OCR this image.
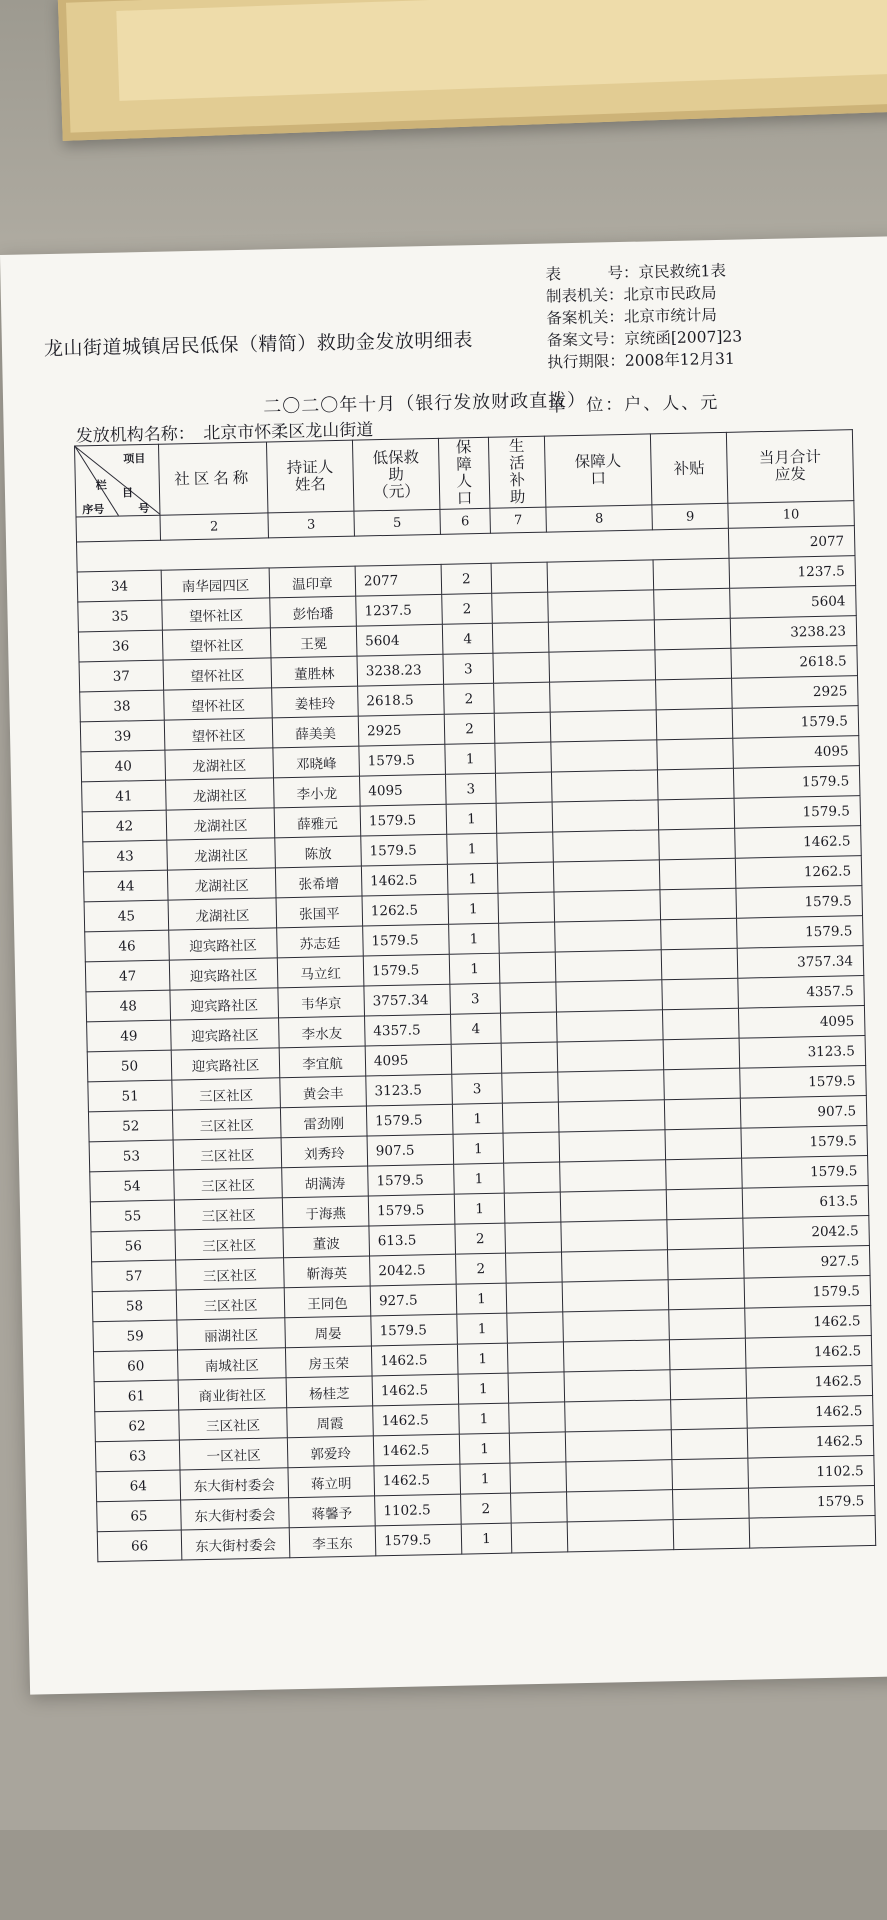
表　　　号：京民救统1表
制表机关：北京市民政局
备案机关：北京市统计局
备案文号：京统函[2007]23
执行期限：2008年12月31
龙山街道城镇居民低保（精简）救助金发放明细表
二〇二〇年十月（银行发放财政直拨）
单　位：户、人、元
发放机构名称：　北京市怀柔区龙山街道
项目
栏
目
序号 号	社区名称	持证人姓名	低保救助（元）	保障人口	生活补助	保障人口	补贴	当月合计应发
	2	3	5	6	7	8	9	10
								2077
34	南华园四区	温印章	2077	2				1237.5
35	望怀社区	彭怡璠	1237.5	2				5604
36	望怀社区	王冕	5604	4				3238.23
37	望怀社区	董胜林	3238.23	3				2618.5
38	望怀社区	姜桂玲	2618.5	2				2925
39	望怀社区	薛美美	2925	2				1579.5
40	龙湖社区	邓晓峰	1579.5	1				4095
41	龙湖社区	李小龙	4095	3				1579.5
42	龙湖社区	薛雅元	1579.5	1				1579.5
43	龙湖社区	陈放	1579.5	1				1462.5
44	龙湖社区	张希增	1462.5	1				1262.5
45	龙湖社区	张国平	1262.5	1				1579.5
46	迎宾路社区	苏志廷	1579.5	1				1579.5
47	迎宾路社区	马立红	1579.5	1				3757.34
48	迎宾路社区	韦华京	3757.34	3				4357.5
49	迎宾路社区	李水友	4357.5	4				4095
50	迎宾路社区	李宜航	4095					3123.5
51	三区社区	黄会丰	3123.5	3				1579.5
52	三区社区	雷劲刚	1579.5	1				907.5
53	三区社区	刘秀玲	907.5	1				1579.5
54	三区社区	胡满涛	1579.5	1				1579.5
55	三区社区	于海燕	1579.5	1				613.5
56	三区社区	董波	613.5	2				2042.5
57	三区社区	靳海英	2042.5	2				927.5
58	三区社区	王同色	927.5	1				1579.5
59	丽湖社区	周晏	1579.5	1				1462.5
60	南城社区	房玉荣	1462.5	1				1462.5
61	商业街社区	杨桂芝	1462.5	1				1462.5
62	三区社区	周霞	1462.5	1				1462.5
63	一区社区	郭爱玲	1462.5	1				1462.5
64	东大街村委会	蒋立明	1462.5	1				1102.5
65	东大街村委会	蒋馨予	1102.5	2				1579.5
66	东大街村委会	李玉东	1579.5	1				
